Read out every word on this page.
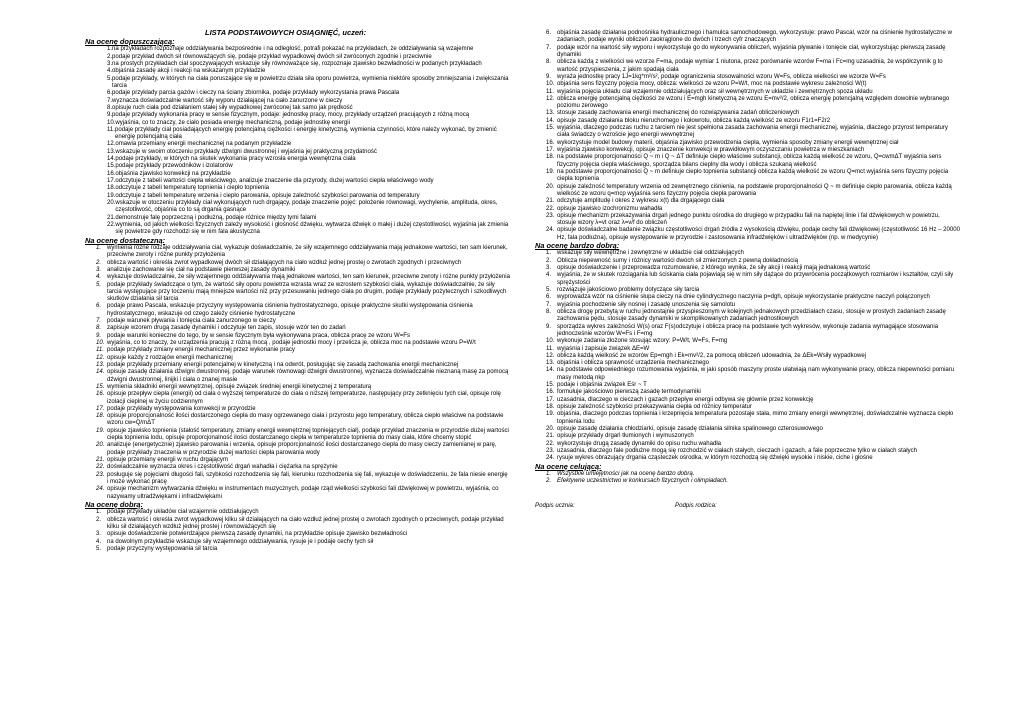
LISTA PODSTAWOWYCH OSIĄGNIĘĆ, uczeń:
Na ocenę dopuszczającą:
1. na przykładach rozpoznaje oddziaływania bezpośrednie i na odległość, potrafi pokazać na przykładach, że oddziaływania są wzajemne
2. podaje przykład dwóch sił równoważących się, podaje przykład wypadkowej dwóch sił zwróconych zgodnie i przeciwnie
3. na prostych przykładach ciał spoczywających wskazuje siły równoważące się, rozpoznaje zjawisko bezwładności w podanych przykładach
4. objaśnia zasadę akcji i reakcji na wskazanym przykładzie
5. podaje przykłady, w których na ciała poruszające się w powietrzu działa siła oporu powietrza, wymienia niektóre sposoby zmniejszania i zwiększania tarcia
6. podaje przykłady parcia gazów i cieczy na ściany zbiornika, podaje przykłady wykorzystania prawa Pascala
7. wyznacza doświadczalnie wartość siły wyporu działającej na ciało zanurzone w cieczy
8. opisuje ruch ciała pod działaniem stałej siły wypadkowej zwróconej tak samo jak prędkość
9. podaje przykłady wykonania pracy w sensie fizycznym, podaje: jednostkę pracy, mocy, przykłady urządzeń pracujących z różną mocą
10. wyjaśnia, co to znaczy, że ciało posiada energię mechaniczną, podaje jednostkę energii
11. podaje przykłady ciał posiadających energię potencjalną ciężkości i energię kinetyczną, wymienia czynności, które należy wykonać, by zmienić energię potencjalną ciała
12. omawia przemiany energii mechanicznej na podanym przykładzie
13. wskazuje w swoim otoczeniu przykłady dźwigni dwustronnej i wyjaśnia jej praktyczną przydatność
14. podaje przykłady, w których na skutek wykonania pracy wzrosła energia wewnętrzna ciała
15. podaje przykłady przewodników i izolatorów
16. objaśnia zjawisko konwekcji na przykładzie
17. odczytuje z tabeli wartości ciepła właściwego, analizuje znaczenie dla przyrody, dużej wartości ciepła właściwego wody
18. odczytuje z tabeli temperaturę topnienia i ciepło topnienia
19. odczytuje z tabeli temperaturę wrzenia i ciepło parowania, opisuje zależność szybkości parowania od temperatury
20. wskazuje w otoczeniu przykłady ciał wykonujących ruch drgający, podaje znaczenie pojęć: położenie równowagi, wychylenie, amplituda, okres, częstotliwość, objaśnia co to są drgania gasnące
21. demonstruje falę poprzeczną i podłużną, podaje różnice między tymi falami
22. wymienia, od jakich wielkości fizycznych zależy wysokość i głośność dźwięku, wytwarza dźwięk o małej i dużej częstotliwości, wyjaśnia jak zmienia się powietrze gdy rozchodzi się w nim fala akustyczna
Na ocenę dostateczną:
1. wymienia różne rodzaje oddziaływania ciał, wykazuje doświadczalnie, że siły wzajemnego oddziaływania mają jednakowe wartości, ten sam kierunek, przeciwne zwroty i różne punkty przyłożenia
2. oblicza wartość i określa zwrot wypadkowej dwóch sił działających na ciało wzdłuż jednej prostej o zwrotach zgodnych i przeciwnych
3. analizuje zachowanie się ciał na podstawie pierwszej zasady dynamiki
4. wykazuje doświadczalnie, że siły wzajemnego oddziaływania mają jednakowe wartości, ten sam kierunek, przeciwne zwroty i różne punkty przyłożenia
5. podaje przykłady świadczące o tym, że wartość siły oporu powietrza wzrasta wraz ze wzrostem szybkości ciała, wykazuje doświadczalnie, że siły tarcia występujące przy toczeniu mają mniejsze wartości niż przy przesuwaniu jednego ciała po drugim, podaje przykłady pożytecznych i szkodliwych skutków działania sił tarcia
6. podaje prawo Pascala, wskazuje przyczyny występowania ciśnienia hydrostatycznego, opisuje praktyczne skutki występowania ciśnienia hydrostatycznego, wskazuje od czego zależy ciśnienie hydrostatyczne
7. podaje warunek pływania i tonięcia ciała zanurzonego w cieczy
8. zapisuje wzorem drugą zasadę dynamiki i odczytuje ten zapis, stosuje wzór ten do zadań
9. podaje warunki konieczne do tego, by w sensie fizycznym była wykonywana praca, oblicza pracę ze wzoru W=Fs
10. wyjaśnia, co to znaczy, że urządzenia pracują z różną mocą , podaje jednostki mocy i przelicza je, oblicza moc na podstawie wzoru P=W/t
11. podaje przykłady zmiany energii mechanicznej przez wykonanie pracy
12. opisuje każdy z rodzajów energii mechanicznej
13. podaje przykłady przemiany energii potencjalnej w kinetyczną i na odwrót, posługując się zasadą zachowania energii mechanicznej
14. opisuje zasadę działania dźwigni dwustronnej, podaje warunek równowagi dźwigni dwustronnej, wyznacza doświadczalnie nieznaną masę za pomocą dźwigni dwustronnej, linijki i ciała o znanej masie
15. wymienia składniki energii wewnętrznej, opisuje związek średniej energii kinetycznej z temperaturą
16. opisuje przepływ ciepła (energii) od ciała o wyższej temperaturze do ciała o niższej temperaturze, następujący przy zetknięciu tych ciał, opisuje rolę izolacji cieplnej w życiu codziennym
17. podaje przykłady występowania konwekcji w przyrodzie
18. opisuje proporcjonalność ilości dostarczonego ciepła do masy ogrzewanego ciała i przyrostu jego temperatury, oblicza ciepło właściwe na podstawie wzoru cw=Q/mΔT
19. opisuje zjawisko topnienia (stałość temperatury, zmiany energii wewnętrznej topniejących ciał), podaje przykład znaczenia w przyrodzie dużej wartości ciepła topnienia lodu, opisuje proporcjonalność ilości dostarczanego ciepła w temperaturze topnienia do masy ciała, które chcemy stopić
20. analizuje (energetycznie) zjawisko parowania i wrzenia, opisuje proporcjonalność ilości dostarczanego ciepła do masy cieczy zamienianej w parę, podaje przykłady znaczenia w przyrodzie dużej wartości ciepła parowania wody
21. opisuje przemiany energii w ruchu drgającym
22. doświadczalnie wyznacza okres i częstotliwość drgań wahadła i ciężarka na sprężynie
23. posługuje się pojęciami długości fali, szybkości rozchodzenia się fali, kierunku rozchodzenia się fali, wykazuje w doświadczeniu, że fala niesie energię i może wykonać pracę
24. opisuje mechanizm wytwarzania dźwięku w instrumentach muzycznych, podaje rząd wielkości szybkości fali dźwiękowej w powietrzu, wyjaśnia, co nazywamy ultradźwiękami i infradźwiękami
Na ocenę dobrą:
1. podaje przykłady układów ciał wzajemnie oddziałujących
2. oblicza wartość i określa zwrot wypadkowej kilku sił działających na ciało wzdłuż jednej prostej o zwrotach zgodnych o przeciwnych, podaje przykład kilku sił działających wzdłuż jednej prostej i równoważących się
3. opisuje doświadczenie potwierdzające pierwszą zasadę dynamiki, na przykładzie opisuje zjawisko bezwładności
4. na dowolnym przykładzie wskazuje siły wzajemnego oddziaływania, rysuje je i podaje cechy tych sił
5. podaje przyczyny występowania sił tarcia
6. objaśnia zasadę działania podnośnika hydraulicznego i hamulca samochodowego, wykorzystuje: prawo Pascal, wzór na ciśnienie hydrostatyczne w zadaniach, podaje wyniki obliczeń zaokrąglone do dwóch i trzech cyfr znaczących
7. podaje wzór na wartość siły wyporu i wykorzystuje go do wykonywania obliczeń, wyjaśnia pływanie i tonięcie ciał, wykorzystując pierwszą zasadę dynamiki
8. oblicza każdą z wielkości we wzorze F=ma, podaje wymiar 1 niutona, przez porównanie wzorów F=ma i Fc=mg uzasadnia, że współczynnik g to wartość przyspieszenia, z jakim spadają ciała
9. wyraża jednostkę pracy 1J=1kg*m²/s², podaje ograniczenia stosowalności wzoru W=Fs, oblicza wielkości we wzorze W=Fs
10. objaśnia sens fizyczny pojęcia mocy, oblicza: wielkości ze wzoru P=W/t, moc na podstawie wykresu zależności W(t)
11. wyjaśnia pojęcia układu ciał wzajemnie oddziałujących oraz sił wewnętrznych w układzie i zewnętrznych spoza układu
12. oblicza energię potencjalną ciężkości ze wzoru i E=mgh kinetyczną ze wzoru E=mv²/2, oblicza energię potencjalną względem dowolnie wybranego poziomu zerowego
13. stosuje zasadę zachowania energii mechanicznej do rozwiązywania zadań obliczeniowych
14. opisuje zasadę działania bloku nieruchomego i kołowrotu, oblicza każdą wielkość ze wzoru F1r1=F2r2
15. wyjaśnia, dlaczego podczas ruchu z tarciem nie jest spełniona zasada zachowania energii mechanicznej, wyjaśnia, dlaczego przyrost temperatury ciała świadczy o wzroście jego energii wewnętrznej
16. wykorzystuje model budowy materii, objaśnia zjawisko przewodzenia ciepła, wymienia sposoby zmiany energii wewnętrznej ciał
17. wyjaśnia zjawisko konwekcji, opisuje znaczenie konwekcji w prawidłowym oczyszczaniu powietrza w mieszkaniach
18. na podstawie proporcjonalności Q ~ m i Q ~ ΔT definiuje ciepło właściwe substancji, oblicza każdą wielkość ze wzoru, Q=cwmΔT wyjaśnia sens fizyczny pojęcia ciepła właściwego, sporządza bilans cieplny dla wody i oblicza szukaną wielkość
19. na podstawie proporcjonalności Q ~ m definiuje ciepło topnienia substancji oblicza każdą wielkość ze wzoru Q=mct wyjaśnia sens fizyczny pojęcia ciepła topnienia
20. opisuje zależność temperatury wrzenia od zewnętrznego ciśnienia, na podstawie proporcjonalności Q ~ m definiuje ciepło parowania, oblicza każdą wielkość ze wzoru q=mcp wyjaśnia sens fizyczny pojęcia ciepła parowania
21. odczytuje amplitudę i okres z wykresu x(t) dla drgającego ciała
22. opisuje zjawisko izochronizmu wahadła
23. opisuje mechanizm przekazywania drgań jednego punktu ośrodka do drugiego w przypadku fali na napiętej linie i fal dźwiękowych w powietrzu, stosuje wzory λ=vt oraz λ=v/f do obliczeń
24. opisuje doświadczalne badanie związku częstotliwości drgań źródła z wysokością dźwięku, podaje cechy fali dźwiękowej (częstotliwość 16 Hz – 20000 Hz, fala podłużna), opisuje występowanie w przyrodzie i zastosowania infradźwięków i ultradźwięków (np. w medycynie)
Na ocenę bardzo dobrą:
1. wskazuje siły wewnętrzne i zewnętrzne w układzie ciał oddziałujących
2. Oblicza niepewność sumy i różnicy wartości dwóch sił zmierzonych z pewną dokładnością
3. opisuje doświadczenie i przeprowadza rozumowanie, z którego wynika, że siły akcji i reakcji mają jednakową wartość
4. wyjaśnia, że w skutek rozciągania lub ściskania ciała pojawiają się w nim siły dążące do przywrócenia początkowych rozmiarów i kształtów, czyli siły sprężystości
5. rozwiązuje jakościowo problemy dotyczące siły tarcia
6. wyprowadza wzór na ciśnienie słupa cieczy na dnie cylindrycznego naczynia p=dgh, opisuje wykorzystanie praktyczne naczyń połączonych
7. wyjaśnia pochodzenie siły nośnej i zasadę unoszenia się samolotu
8. oblicza drogę przebytą w ruchu jednostajnie przyspieszonym w kolejnych jednakowych przedziałach czasu, stosuje w prostych zadaniach zasadę zachowania pędu, stosuje zasady dynamiki w skomplikowanych zadaniach jednostkowych
9. sporządza wykres zależności W(s) oraz F(s)odczytuje i oblicza pracę na podstawie tych wykresów, wykonuje zadania wymagające stosowania jednocześnie wzorów W=Fs i F=mg
10. wykonuje zadania złożone stosując wzory: P=W/t, W=Fs, F=mg
11. wyjaśnia i zapisuje związek ΔE=W
12. oblicza każdą wielkość ze wzorów Ep=mgh i Ek=mv²/2, za pomocą obliczeń udowadnia, że ΔEk=Wsiły wypadkowej
13. objaśnia i oblicza sprawność urządzenia mechanicznego
14. na podstawie odpowiedniego rozumowania wyjaśnia, w jaki sposób maszyny proste ułatwiają nam wykonywanie pracy, oblicza niepewności pomiaru masy metodą nkp
15. podaje i objaśnia związek Eśr ~ T
16. formułuje jakościowo pierwszą zasadę termodynamiki
17. uzasadnia, dlaczego w cieczach i gazach przepływ energii odbywa się głównie przez konwekcję
18. opisuje zależność szybkości przekazywania ciepła od różnicy temperatur
19. objaśnia, dlaczego podczas topnienia i krzepnięcia temperatura pozostaje stała, mimo zmiany energii wewnętrznej, doświadczalnie wyznacza ciepło topnienia lodu
20. opisuje zasadę działania chłodziarki, opisuje zasadę działania silnika spalinowego czterosuwowego
21. opisuje przykłady drgań tłumionych i wymuszonych
22. wykorzystuje drugą zasadę dynamiki do opisu ruchu wahadła
23. uzasadnia, dlaczego fale podłużne mogą się rozchodzić w ciałach stałych, cieczach i gazach, a fale poprzeczne tylko w ciałach stałych
24. rysuje wykres obrazujący drgania cząsteczek ośrodka, w którym rozchodzą się dźwięki wysokie i niskie, ciche i głośne
Na ocenę celującą:
1. Wszystkie umiejętności jak na ocenę bardzo dobrą.
2. Efektywne uczestnictwo w konkursach fizycznych i olimpiadach.
Podpis ucznia:	Podpis rodzica:
